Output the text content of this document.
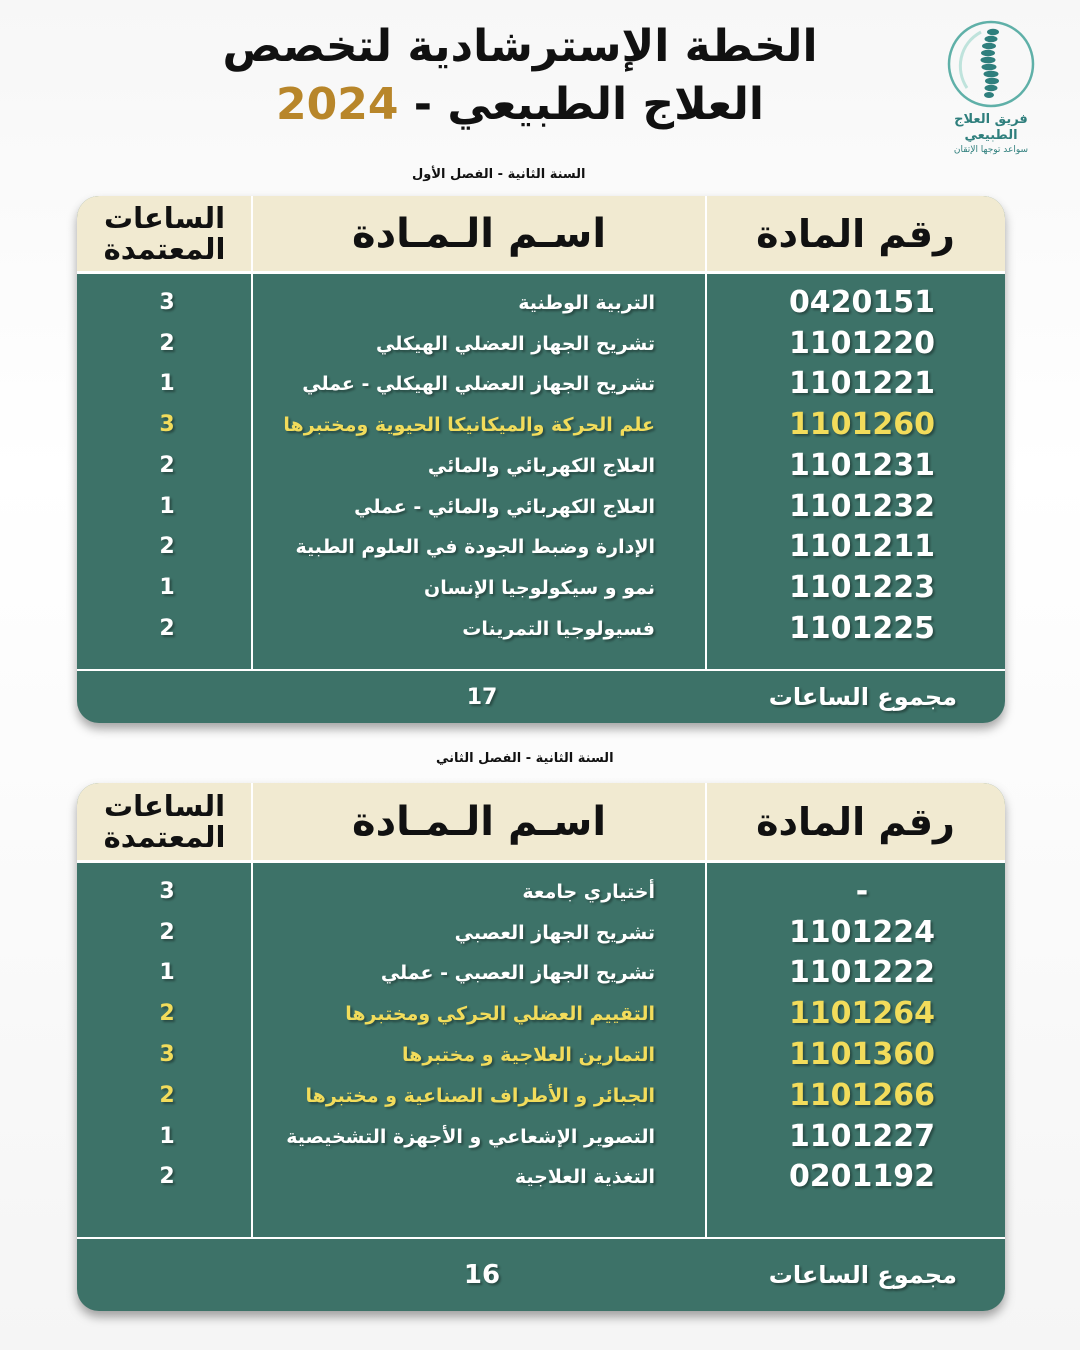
فريق العلاج الطبيعي
سواعد توجها الإتقان
الخطة الإسترشادية لتخصص
العلاج الطبيعي - 2024
السنة الثانية - الفصل الأول
رقم المادة
اسـم الـمـادة
الساعات
المعتمدة
0420151
التربية الوطنية
3
1101220
تشريح الجهاز العضلي الهيكلي
2
1101221
تشريح الجهاز العضلي الهيكلي - عملي
1
1101260
علم الحركة والميكانيكا الحيوية ومختبرها
3
1101231
العلاج الكهربائي والمائي
2
1101232
العلاج الكهربائي والمائي - عملي
1
1101211
الإدارة وضبط الجودة في العلوم الطبية
2
1101223
نمو و سيكولوجيا الإنسان
1
1101225
فسيولوجيا التمرينات
2
مجموع الساعات
17
السنة الثانية - الفصل الثاني
رقم المادة
اسـم الـمـادة
الساعات
المعتمدة
-
أختياري جامعة
3
1101224
تشريح الجهاز العصبي
2
1101222
تشريح الجهاز العصبي - عملي
1
1101264
التقييم العضلي الحركي ومختبرها
2
1101360
التمارين العلاجية و مختبرها
3
1101266
الجبائر و الأطراف الصناعية و مختبرها
2
1101227
التصوير الإشعاعي و الأجهزة التشخيصية
1
0201192
التغذية العلاجية
2
مجموع الساعات
16
